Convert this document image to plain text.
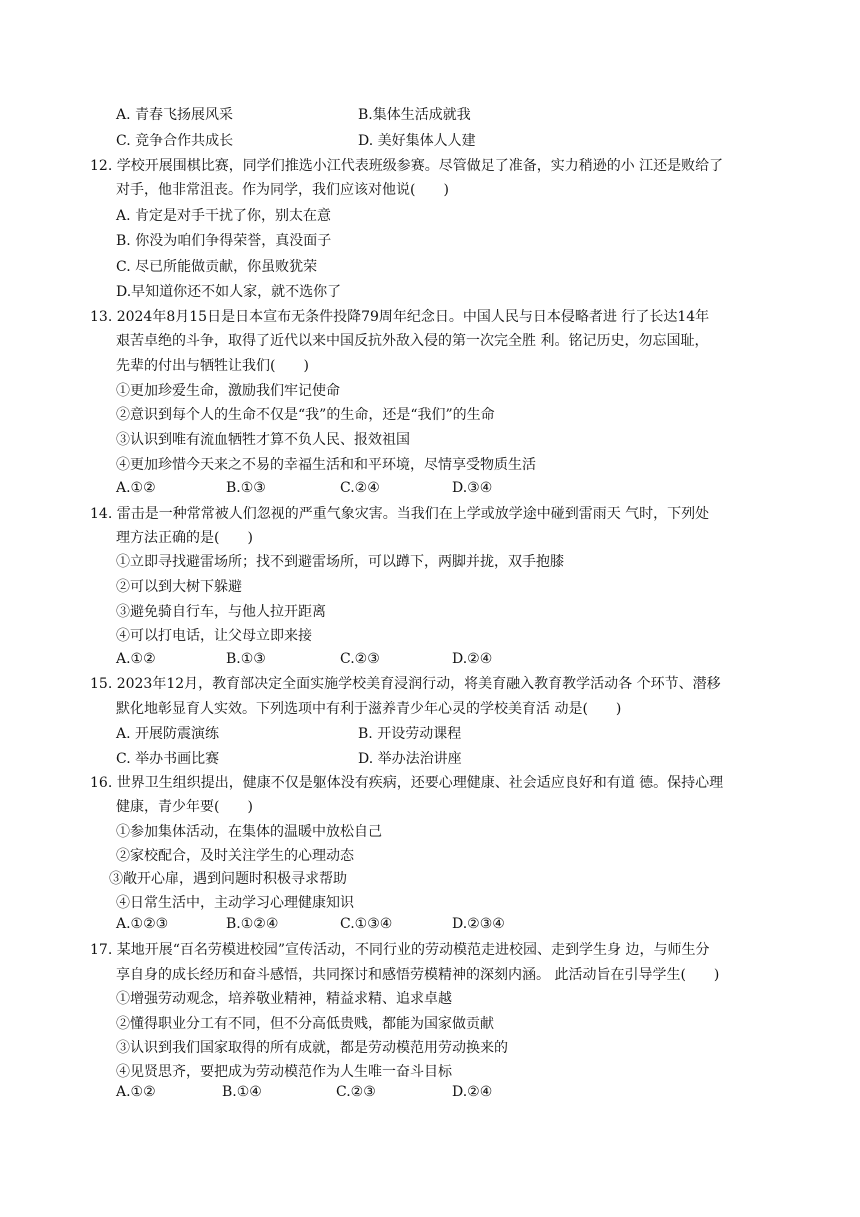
A. 青春飞扬展风采	B.集体生活成就我
C. 竞争合作共成长	D. 美好集体人人建
12. 学校开展围棋比赛，同学们推选小江代表班级参赛。尽管做足了准备，实力稍逊的小 江还是败给了
对手，他非常沮丧。作为同学，我们应该对他说(　　)
A. 肯定是对手干扰了你，别太在意
B. 你没为咱们争得荣誉，真没面子
C. 尽已所能做贡献，你虽败犹荣
D.早知道你还不如人家，就不选你了
13. 2024年8月15日是日本宣布无条件投降79周年纪念日。中国人民与日本侵略者进 行了长达14年
艰苦卓绝的斗争，取得了近代以来中国反抗外敌入侵的第一次完全胜 利。铭记历史，勿忘国耻，
先辈的付出与牺牲让我们(　　)
①更加珍爱生命，激励我们牢记使命
②意识到每个人的生命不仅是“我”的生命，还是“我们”的生命
③认识到唯有流血牺牲才算不负人民、报效祖国
④更加珍惜今天来之不易的幸福生活和和平环境，尽情享受物质生活
A.①②	B.①③	C.②④	D.③④
14. 雷击是一种常常被人们忽视的严重气象灾害。当我们在上学或放学途中碰到雷雨天 气时，下列处
理方法正确的是(　　)
①立即寻找避雷场所；找不到避雷场所，可以蹲下，两脚并拢，双手抱膝
②可以到大树下躲避
③避免骑自行车，与他人拉开距离
④可以打电话，让父母立即来接
A.①②	B.①③	C.②③	D.②④
15. 2023年12月，教育部决定全面实施学校美育浸润行动，将美育融入教育教学活动各 个环节、潜移
默化地彰显育人实效。下列选项中有利于滋养青少年心灵的学校美育活 动是(　　)
A. 开展防震演练	B. 开设劳动课程
C. 举办书画比赛	D. 举办法治讲座
16. 世界卫生组织提出，健康不仅是躯体没有疾病，还要心理健康、社会适应良好和有道 德。保持心理
健康，青少年要(　　)
①参加集体活动，在集体的温暖中放松自己
②家校配合，及时关注学生的心理动态
③敞开心扉，遇到问题时积极寻求帮助
④日常生活中，主动学习心理健康知识
A.①②③	B.①②④	C.①③④	D.②③④
17. 某地开展“百名劳模进校园”宣传活动，不同行业的劳动模范走进校园、走到学生身 边，与师生分
享自身的成长经历和奋斗感悟，共同探讨和感悟劳模精神的深刻内涵。 此活动旨在引导学生(　　)
①增强劳动观念，培养敬业精神，精益求精、追求卓越
②懂得职业分工有不同，但不分高低贵贱，都能为国家做贡献
③认识到我们国家取得的所有成就，都是劳动模范用劳动换来的
④见贤思齐，要把成为劳动模范作为人生唯一奋斗目标
A.①②	B.①④	C.②③	D.②④
